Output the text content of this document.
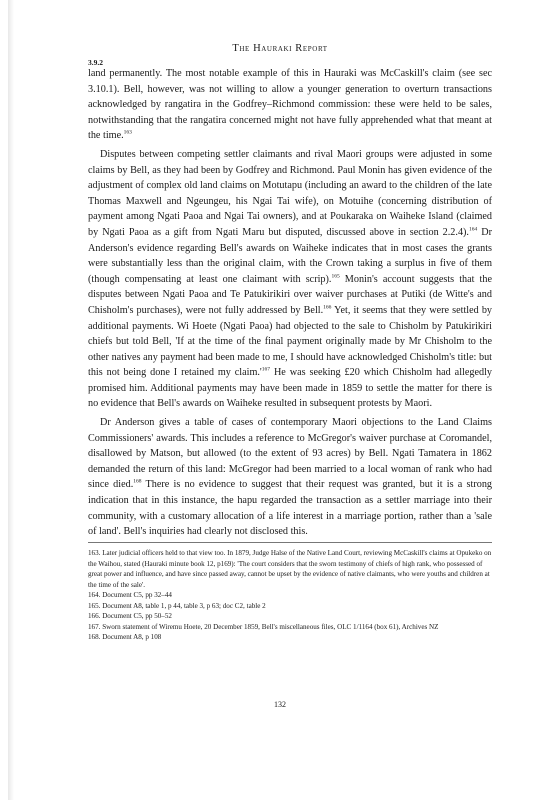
The Hauraki Report
3.9.2

land permanently. The most notable example of this in Hauraki was McCaskill's claim (see sec 3.10.1). Bell, however, was not willing to allow a younger generation to overturn transactions acknowledged by rangatira in the Godfrey–Richmond commission: these were held to be sales, notwithstanding that the rangatira concerned might not have fully apprehended what that meant at the time.$^{163}$

Disputes between competing settler claimants and rival Maori groups were adjusted in some claims by Bell, as they had been by Godfrey and Richmond. Paul Monin has given evidence of the adjustment of complex old land claims on Motutapu (including an award to the children of the late Thomas Maxwell and Ngeungeu, his Ngai Tai wife), on Motuihe (concerning distribution of payment among Ngati Paoa and Ngai Tai owners), and at Poukaraka on Waiheke Island (claimed by Ngati Paoa as a gift from Ngati Maru but disputed, discussed above in section 2.2.4).$^{164}$ Dr Anderson's evidence regarding Bell's awards on Waiheke indicates that in most cases the grants were substantially less than the original claim, with the Crown taking a surplus in five of them (though compensating at least one claimant with scrip).$^{165}$ Monin's account suggests that the disputes between Ngati Paoa and Te Patukirikiri over waiver purchases at Putiki (de Witte's and Chisholm's purchases), were not fully addressed by Bell.$^{166}$ Yet, it seems that they were settled by additional payments. Wi Hoete (Ngati Paoa) had objected to the sale to Chisholm by Patukirikiri chiefs but told Bell, 'If at the time of the final payment originally made by Mr Chisholm to the other natives any payment had been made to me, I should have acknowledged Chisholm's title: but this not being done I retained my $claim.'^{167}$ He was seeking £20 which Chisholm had allegedly promised him. Additional payments may have been made in 1859 to settle the matter for there is no evidence that Bell's awards on Waiheke resulted in subsequent protests by Maori.

Dr Anderson gives a table of cases of contemporary Maori objections to the Land Claims Commissioners' awards. This includes a reference to McGregor's waiver purchase at Coromandel, disallowed by Matson, but allowed (to the extent of 93 acres) by Bell. Ngati Tamatera in 1862 demanded the return of this land: McGregor had been married to a local woman of rank who had since died.$^{168}$ There is no evidence to suggest that their request was granted, but it is a strong indication that in this instance, the hapu regarded the transaction as a settler marriage into their community, with a customary allocation of a life interest in a marriage portion, rather than a 'sale of land'. Bell's inquiries had clearly not disclosed this.

163. Later judicial officers held to that view too. In 1879, Judge Halse of the Native Land Court, reviewing McCaskill's claims at Opukeko on the Waihou, stated (Hauraki minute book 12, p169): 'The court considers that the sworn testimony of chiefs of high rank, who possessed of great power and influence, and have since passed away, cannot be upset by the evidence of native claimants, who were youths and children at the time of the sale'.

164. Document C5, pp 32–44

165. Document A8, table 1, p 44, table 3, p 63; doc C2, table 2

166. Document C5, pp 50–52

167. Sworn statement of Wiremu Hoete, 20 December 1859, Bell's miscellaneous files, OLC 1/1164 (box 61), Archives NZ

168. Document A8, p 108

132
